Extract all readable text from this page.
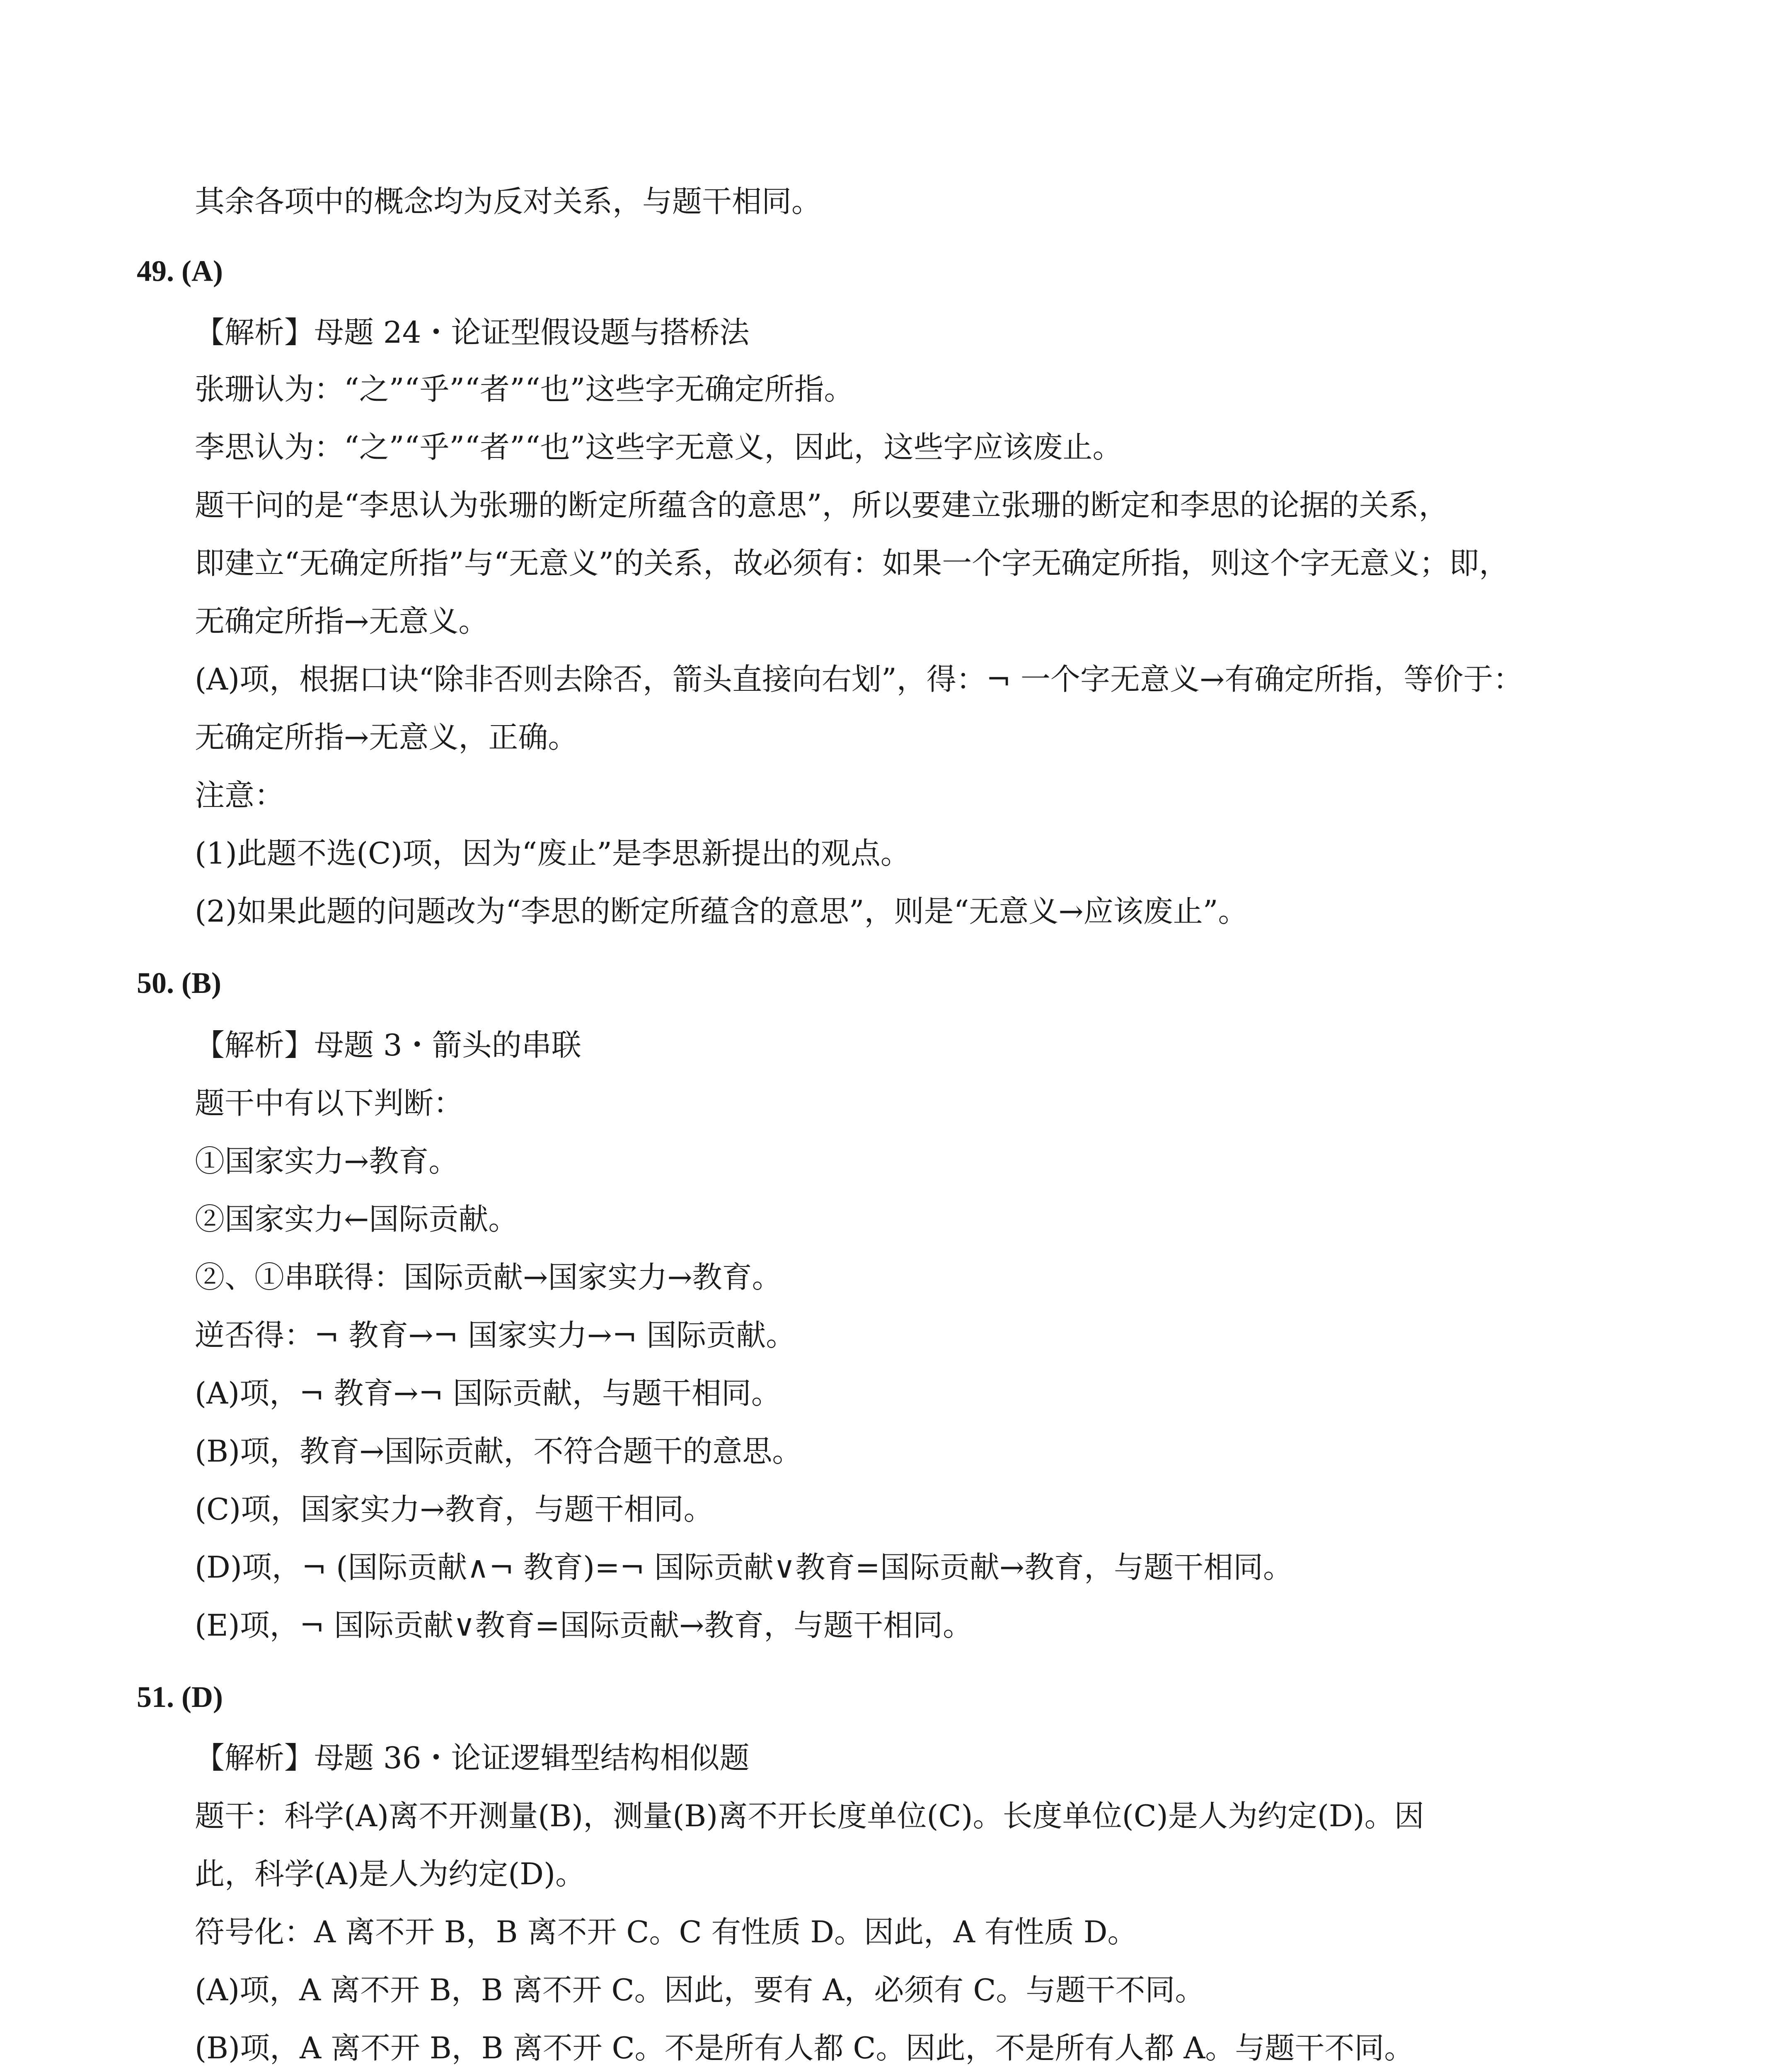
其余各项中的概念均为反对关系，与题干相同。
49. (A)
【解析】母题 24・论证型假设题与搭桥法
张珊认为：“之”“乎”“者”“也”这些字无确定所指。
李思认为：“之”“乎”“者”“也”这些字无意义，因此，这些字应该废止。
题干问的是“李思认为张珊的断定所蕴含的意思”，所以要建立张珊的断定和李思的论据的关系，
即建立“无确定所指”与“无意义”的关系，故必须有：如果一个字无确定所指，则这个字无意义；即，
无确定所指→无意义。
(A)项，根据口诀“除非否则去除否，箭头直接向右划”，得：¬ 一个字无意义→有确定所指，等价于：
无确定所指→无意义，正确。
注意：
(1)此题不选(C)项，因为“废止”是李思新提出的观点。
(2)如果此题的问题改为“李思的断定所蕴含的意思”，则是“无意义→应该废止”。
50. (B)
【解析】母题 3・箭头的串联
题干中有以下判断：
①国家实力→教育。
②国家实力←国际贡献。
②、①串联得：国际贡献→国家实力→教育。
逆否得：¬ 教育→¬ 国家实力→¬ 国际贡献。
(A)项，¬ 教育→¬ 国际贡献，与题干相同。
(B)项，教育→国际贡献，不符合题干的意思。
(C)项，国家实力→教育，与题干相同。
(D)项，¬ (国际贡献∧¬ 教育)=¬ 国际贡献∨教育=国际贡献→教育，与题干相同。
(E)项，¬ 国际贡献∨教育=国际贡献→教育，与题干相同。
51. (D)
【解析】母题 36・论证逻辑型结构相似题
题干：科学(A)离不开测量(B)，测量(B)离不开长度单位(C)。长度单位(C)是人为约定(D)。因
此，科学(A)是人为约定(D)。
符号化：A 离不开 B，B 离不开 C。C 有性质 D。因此，A 有性质 D。
(A)项，A 离不开 B，B 离不开 C。因此，要有 A，必须有 C。与题干不同。
(B)项，A 离不开 B，B 离不开 C。不是所有人都 C。因此，不是所有人都 A。与题干不同。
